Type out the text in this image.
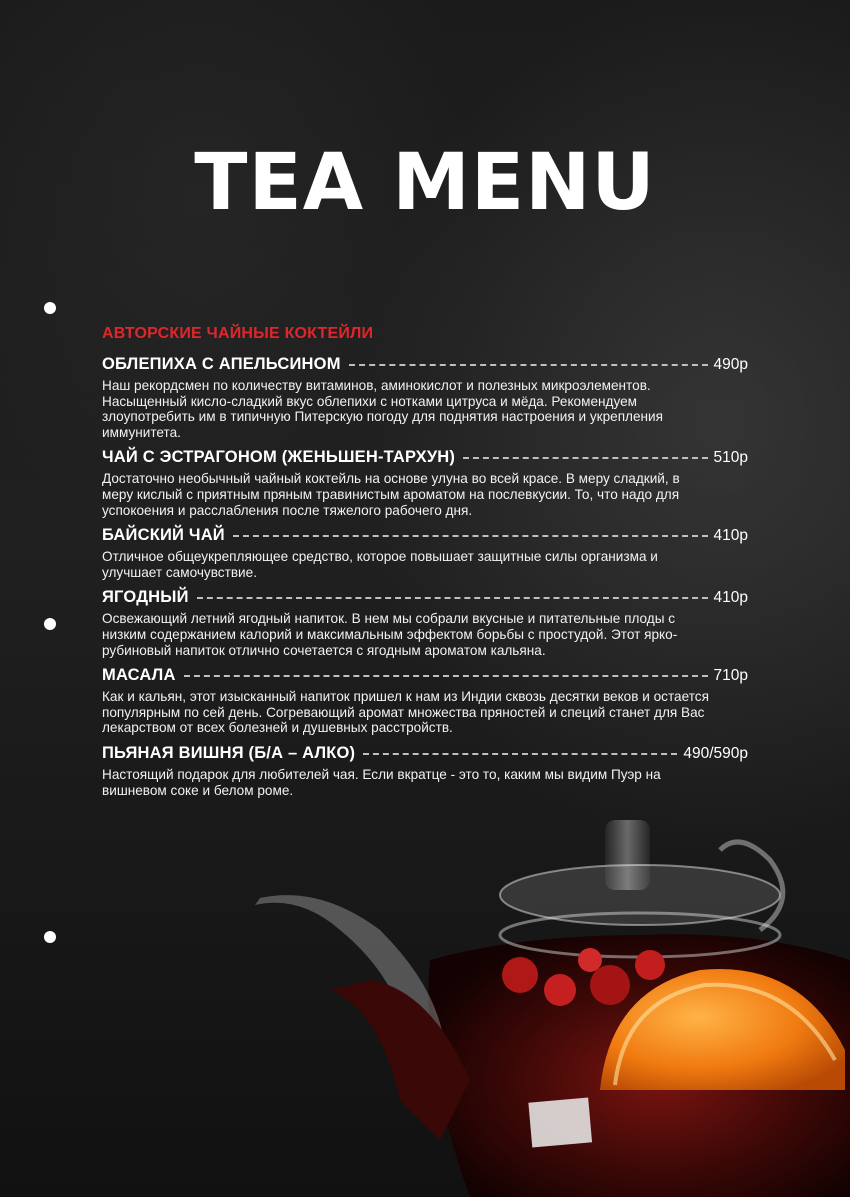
TEA MENU
АВТОРСКИЕ ЧАЙНЫЕ КОКТЕЙЛИ
ОБЛЕПИХА С АПЕЛЬСИНОМ	490р
Наш рекордсмен по количеству витаминов, аминокислот и полезных микроэлементов. Насыщенный кисло-сладкий вкус облепихи с нотками цитруса и мёда. Рекомендуем злоупотребить им в типичную Питерскую погоду для поднятия настроения и укрепления иммунитета.
ЧАЙ С ЭСТРАГОНОМ (ЖЕНЬШЕН-ТАРХУН)	510р
Достаточно необычный чайный коктейль на основе улуна во всей красе. В меру сладкий, в меру кислый с приятным пряным травинистым ароматом на послевкусии. То, что надо для успокоения и расслабления после тяжелого рабочего дня.
БАЙСКИЙ ЧАЙ	410р
Отличное общеукрепляющее средство, которое повышает защитные силы организма и улучшает самочувствие.
ЯГОДНЫЙ	410р
Освежающий летний ягодный напиток. В нем мы собрали вкусные и питательные плоды с низким содержанием калорий и максимальным эффектом борьбы с простудой. Этот ярко-рубиновый напиток отлично сочетается с ягодным ароматом кальяна.
МАСАЛА	710р
Как и кальян, этот изысканный напиток пришел к нам из Индии сквозь десятки веков и остается популярным по сей день. Согревающий аромат множества пряностей и специй станет для Вас лекарством от всех болезней и душевных расстройств.
ПЬЯНАЯ ВИШНЯ (Б/А – АЛКО)	490/590р
Настоящий подарок для любителей чая. Если вкратце - это то, каким мы видим Пуэр на вишневом соке и белом роме.
